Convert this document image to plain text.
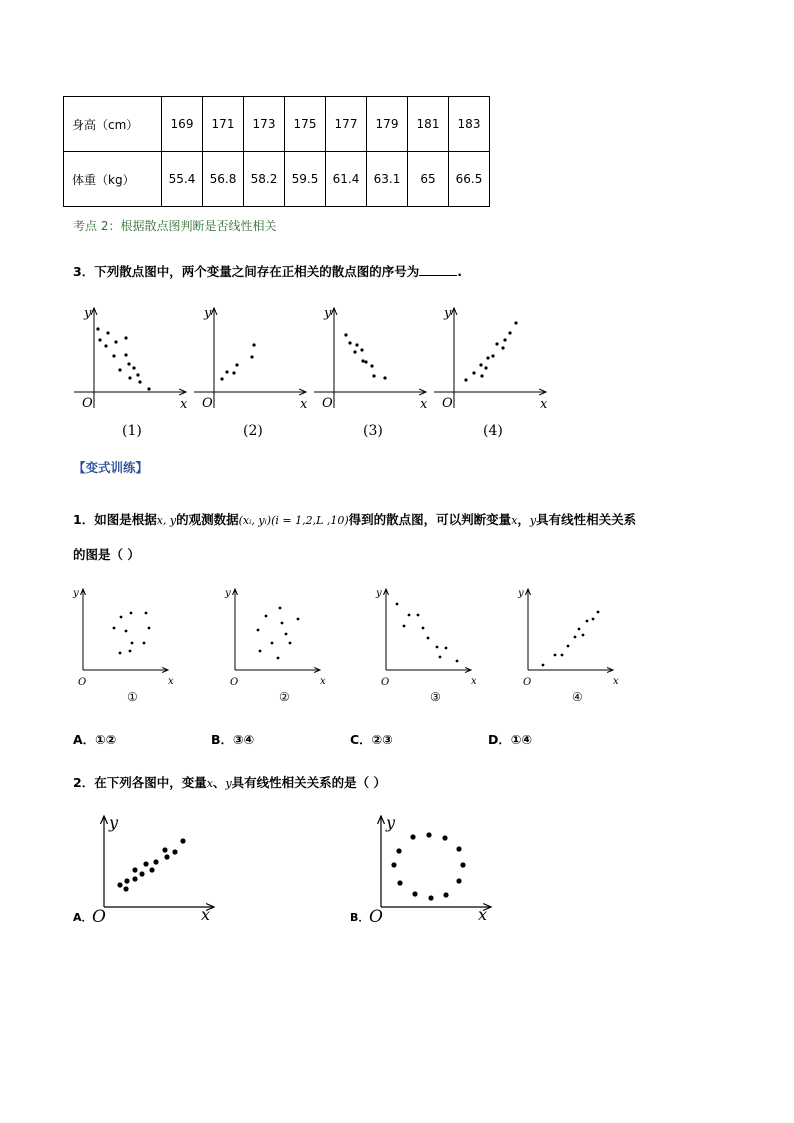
身高（cm）	169	171	173	175	177	179	181	183
体重（kg）	55.4	56.8	58.2	59.5	61.4	63.1	65	66.5
考点 2：根据散点图判断是否线性相关
3．下列散点图中，两个变量之间存在正相关的散点图的序号为	.
y
x
O
(1)
y
x
O
(2)
y
x
O
(3)
y
x
O
(4)
【变式训练】
1．如图是根据x, y的观测数据(xᵢ, yᵢ)(i = 1,2,L ,10)得到的散点图，可以判断变量x，y具有线性相关关系
的图是（ ）
y
x
O
①
y
x
O
②
y
x
O
③
y
x
O
④
A．①②	B．③④	C．②③	D．①④
2．在下列各图中，变量x、y具有线性相关关系的是（ ）
A．
y
x
O	B．
y
x
O
